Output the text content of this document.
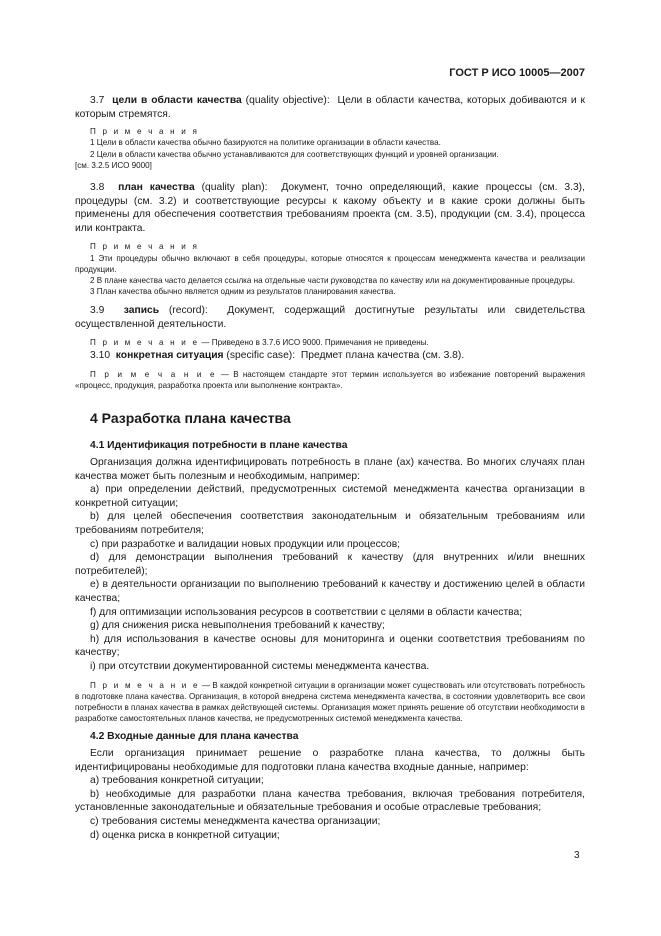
ГОСТ Р ИСО 10005—2007

3.7 цели в области качества (quality objective): Цели в области качества, которых добиваются и к которым стремятся.

П р и м е ч а н и я

1 Цели в области качества обычно базируются на политике организации в области качества.

2 Цели в области качества обычно устанавливаются для соответствующих функций и уровней организации.

[см. 3.2.5 ИСО 9000]

3.8 план качества (quality plan): Документ, точно определяющий, какие процессы (см. 3.3), процедуры (см. 3.2) и соответствующие ресурсы к какому объекту и в какие сроки должны быть применены для обеспечения соответствия требованиям проекта (см. 3.5), продукции (см. 3.4), процесса или контракта.

П р и м е ч а н и я

1 Эти процедуры обычно включают в себя процедуры, которые относятся к процессам менеджмента качества и реализации продукции.

2 В плане качества часто делается ссылка на отдельные части руководства по качеству или на документированные процедуры.

3 План качества обычно является одним из результатов планирования качества.

3.9 запись (record): Документ, содержащий достигнутые результаты или свидетельства осуществленной деятельности.

П р и м е ч а н и е — Приведено в 3.7.6 ИСО 9000. Примечания не приведены.

3.10 конкретная ситуация (specific case): Предмет плана качества (см. 3.8).

П р и м е ч а н и е — В настоящем стандарте этот термин используется во избежание повторений выражения «процесс, продукция, разработка проекта или выполнение контракта».

4 Разработка плана качества

4.1 Идентификация потребности в плане качества

Организация должна идентифицировать потребность в плане (ах) качества. Во многих случаях план качества может быть полезным и необходимым, например:

a) при определении действий, предусмотренных системой менеджмента качества организации в конкретной ситуации;

b) для целей обеспечения соответствия законодательным и обязательным требованиям или требованиям потребителя;

c) при разработке и валидации новых продукции или процессов;

d) для демонстрации выполнения требований к качеству (для внутренних и/или внешних потребителей);

e) в деятельности организации по выполнению требований к качеству и достижению целей в области качества;

f) для оптимизации использования ресурсов в соответствии с целями в области качества;

g) для снижения риска невыполнения требований к качеству;

h) для использования в качестве основы для мониторинга и оценки соответствия требованиям по качеству;

i) при отсутствии документированной системы менеджмента качества.

П р и м е ч а н и е — В каждой конкретной ситуации в организации может существовать или отсутствовать потребность в подготовке плана качества. Организация, в которой внедрена система менеджмента качества, в состоянии удовлетворить все свои потребности в планах качества в рамках действующей системы. Организация может принять решение об отсутствии необходимости в разработке самостоятельных планов качества, не предусмотренных системой менеджмента качества.

4.2 Входные данные для плана качества

Если организация принимает решение о разработке плана качества, то должны быть идентифицированы необходимые для подготовки плана качества входные данные, например:

a) требования конкретной ситуации;

b) необходимые для разработки плана качества требования, включая требования потребителя, установленные законодательные и обязательные требования и особые отраслевые требования;

c) требования системы менеджмента качества организации;

d) оценка риска в конкретной ситуации;

3
